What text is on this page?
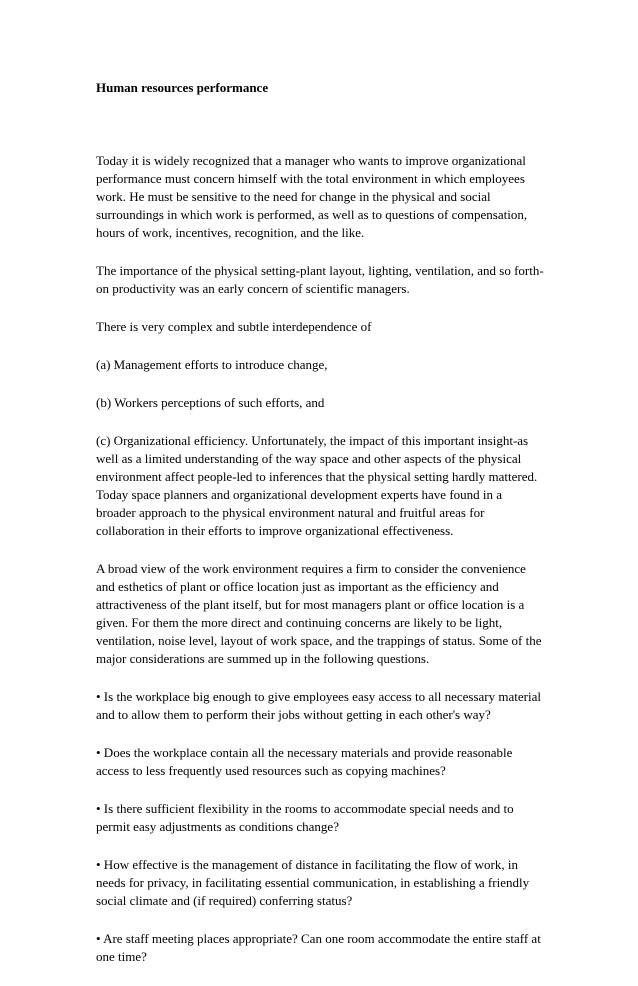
Human resources performance

Today it is widely recognized that a manager who wants to improve organizational
performance must concern himself with the total environment in which employees
work. He must be sensitive to the need for change in the physical and social
surroundings in which work is performed, as well as to questions of compensation,
hours of work, incentives, recognition, and the like.

The importance of the physical setting-plant layout, lighting, ventilation, and so forth-
on productivity was an early concern of scientific managers.

There is very complex and subtle interdependence of

(a) Management efforts to introduce change,

(b) Workers perceptions of such efforts, and

(c) Organizational efficiency. Unfortunately, the impact of this important insight-as
well as a limited understanding of the way space and other aspects of the physical
environment affect people-led to inferences that the physical setting hardly mattered.
Today space planners and organizational development experts have found in a
broader approach to the physical environment natural and fruitful areas for
collaboration in their efforts to improve organizational effectiveness.

A broad view of the work environment requires a firm to consider the convenience
and esthetics of plant or office location just as important as the efficiency and
attractiveness of the plant itself, but for most managers plant or office location is a
given. For them the more direct and continuing concerns are likely to be light,
ventilation, noise level, layout of work space, and the trappings of status. Some of the
major considerations are summed up in the following questions.

• Is the workplace big enough to give employees easy access to all necessary material
and to allow them to perform their jobs without getting in each other's way?

• Does the workplace contain all the necessary materials and provide reasonable
access to less frequently used resources such as copying machines?

• Is there sufficient flexibility in the rooms to accommodate special needs and to
permit easy adjustments as conditions change?

• How effective is the management of distance in facilitating the flow of work, in
needs for privacy, in facilitating essential communication, in establishing a friendly
social climate and (if required) conferring status?

• Are staff meeting places appropriate? Can one room accommodate the entire staff at
one time?
